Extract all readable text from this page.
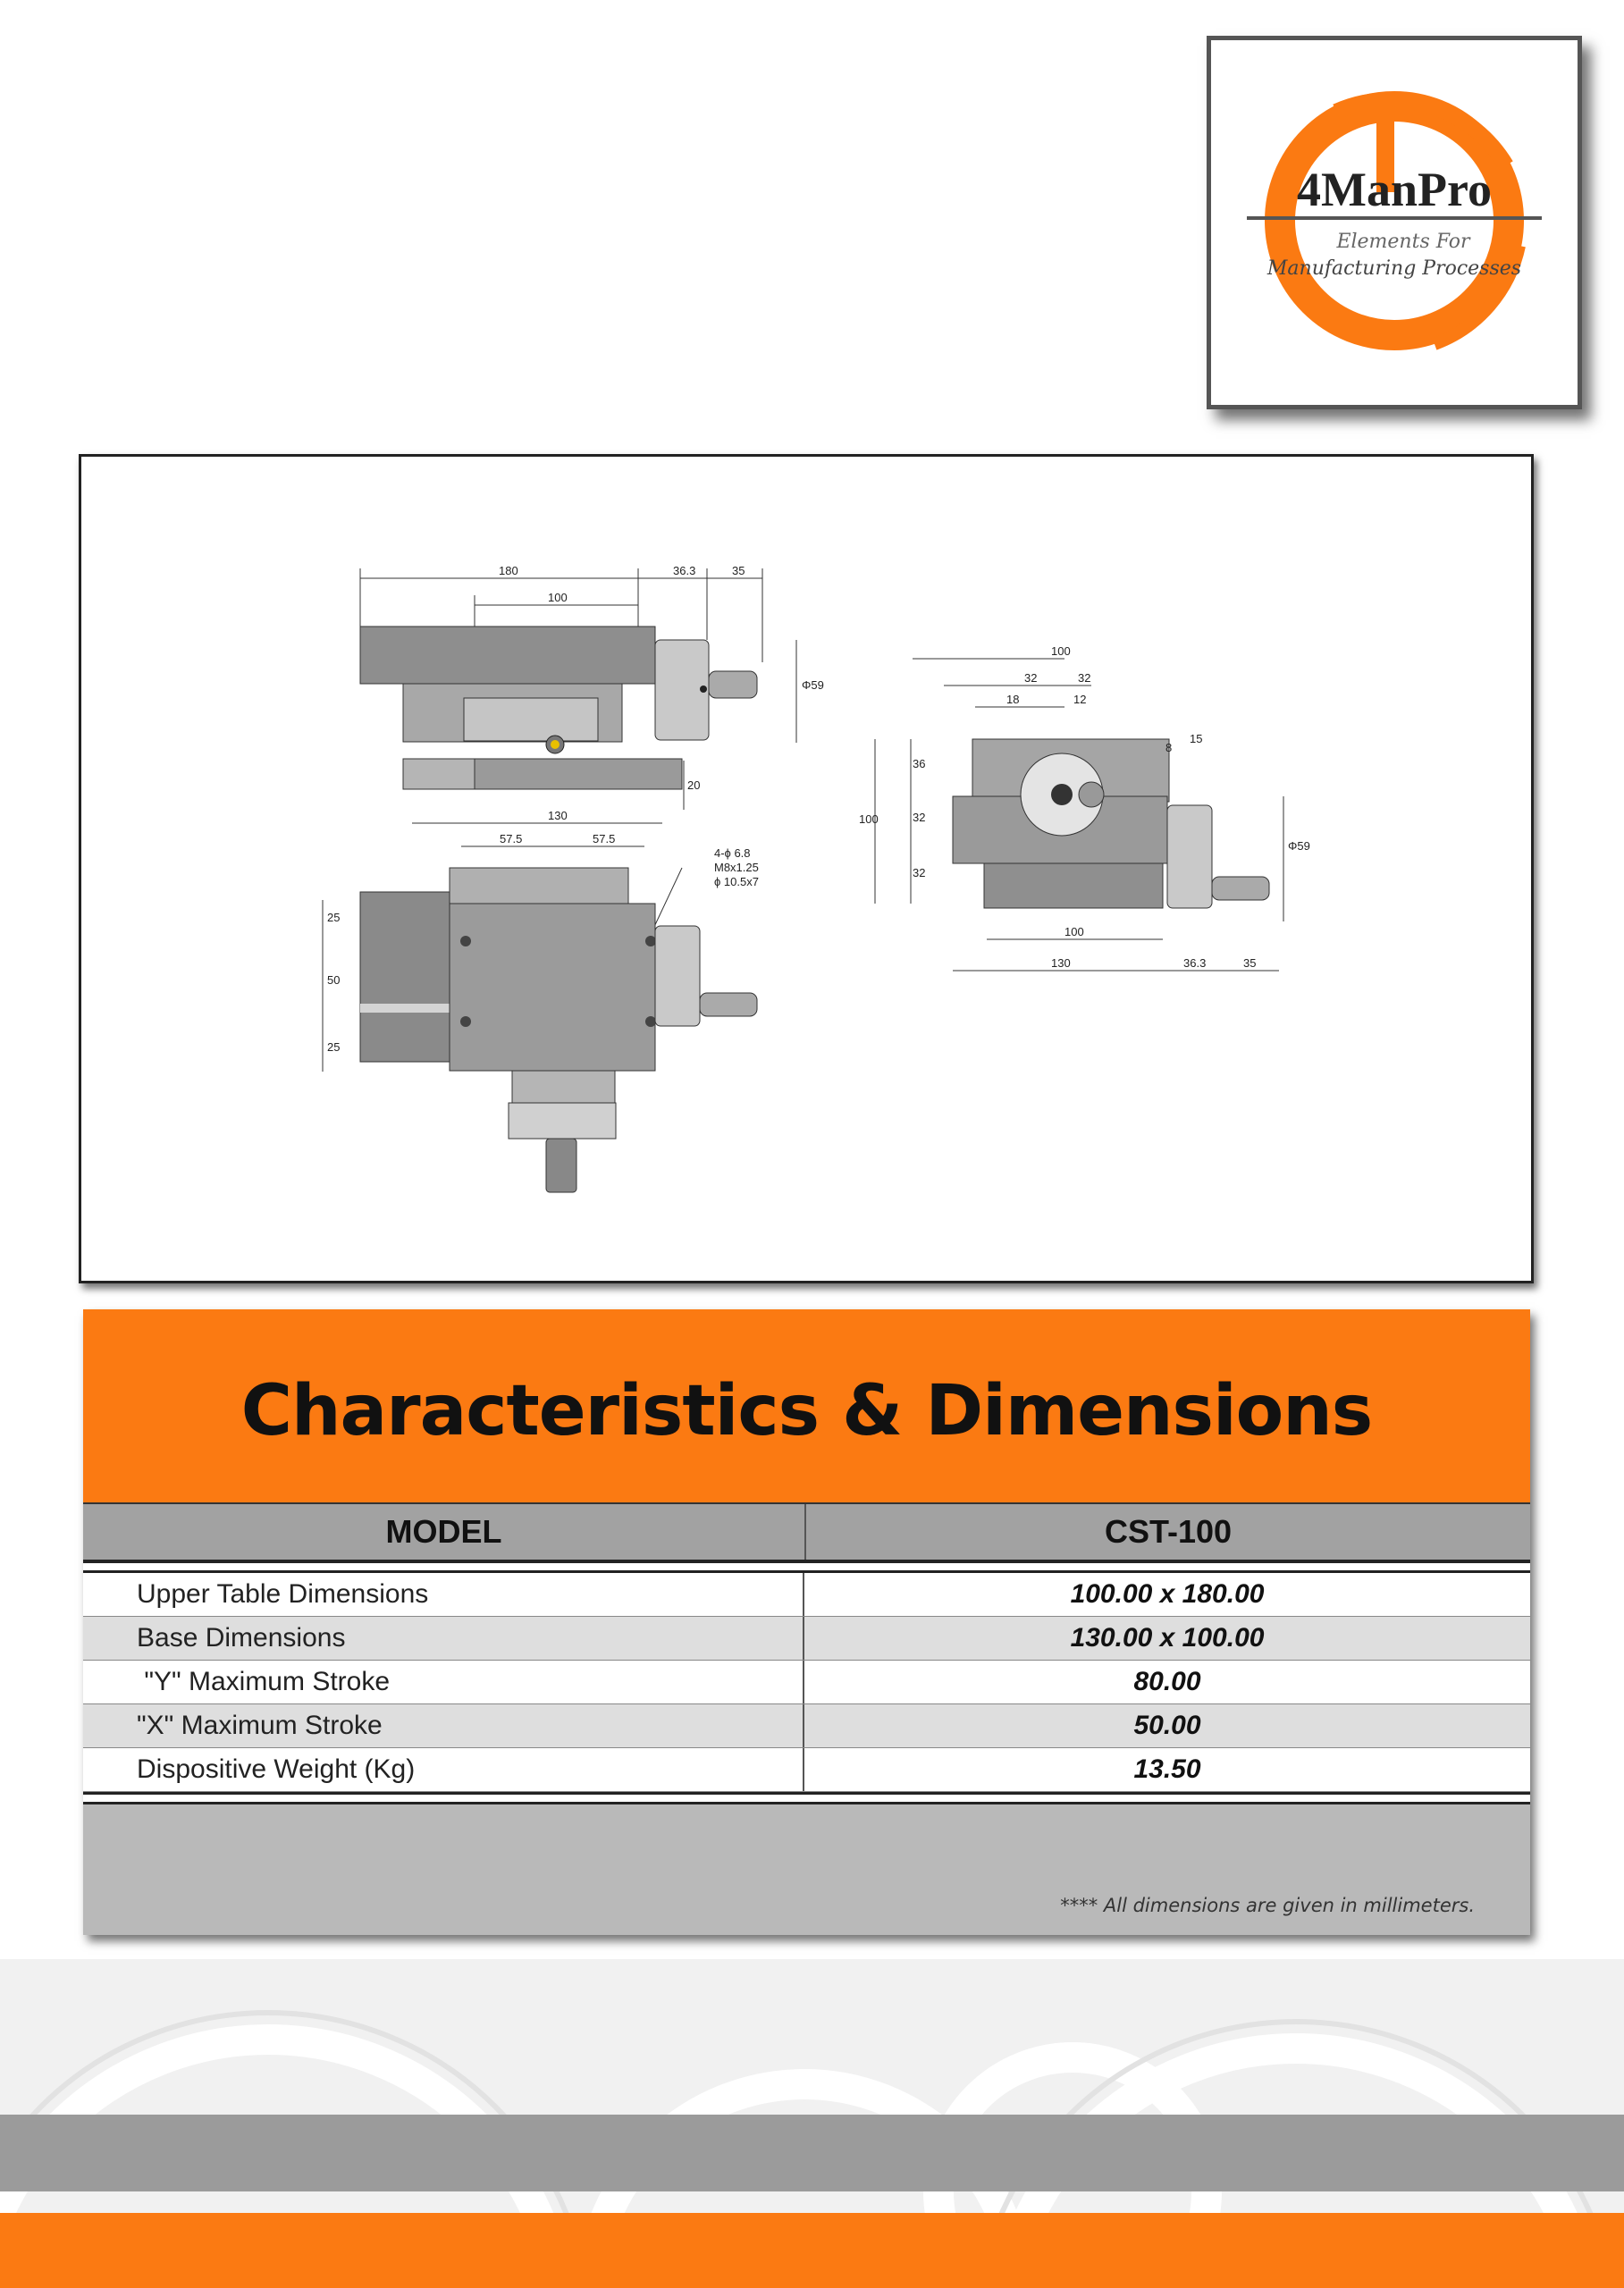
4ManPro
Elements For
Manufacturing Processes
180
100
36.3	35
Φ59
20
130
57.5	57.5
4-ϕ 6.8
M8x1.25
ϕ 10.5x7
25
50
25
100
32	32
18	12
8
15
36
100	32
32
Φ59
100
130	36.3	35
Characteristics & Dimensions
MODEL	CST-100
Upper Table Dimensions	100.00 x 180.00
Base Dimensions	130.00 x 100.00
"Y" Maximum Stroke	80.00
"X" Maximum Stroke	50.00
Dispositive Weight (Kg)	13.50
**** All dimensions are given in millimeters.
